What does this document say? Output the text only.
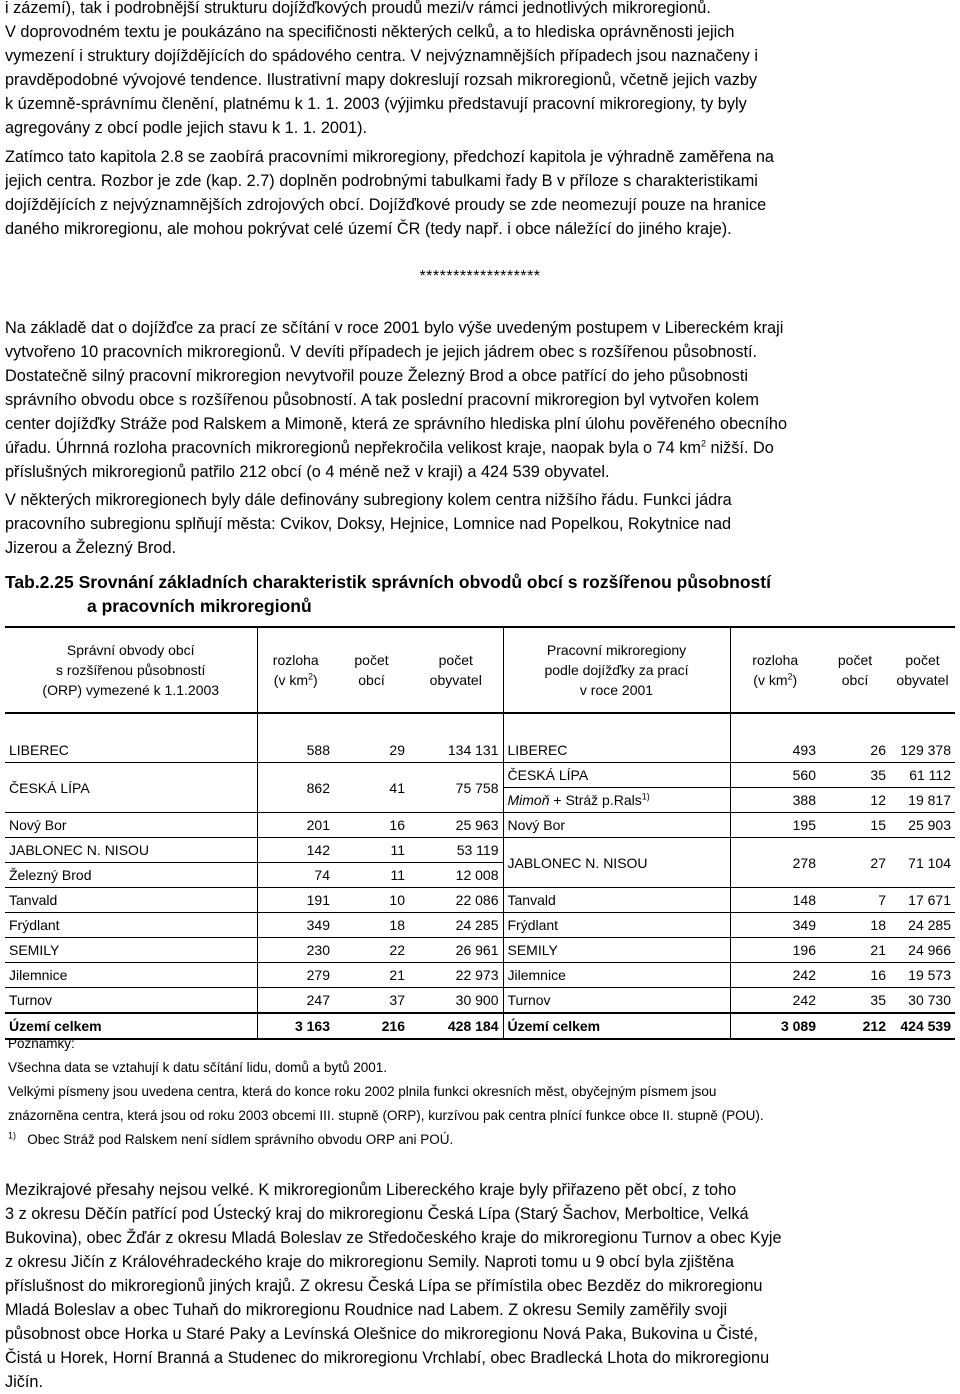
i zázemí), tak i podrobnější strukturu dojížďkových proudů mezi/v rámci jednotlivých mikroregionů.
V doprovodném textu je poukázáno na specifičnosti některých celků, a to hlediska oprávněnosti jejich
vymezení i struktury dojíždějících do spádového centra. V nejvýznamnějších případech jsou naznačeny i
pravděpodobné vývojové tendence. Ilustrativní mapy dokreslují rozsah mikroregionů, včetně jejich vazby
k územně-správnímu členění, platnému k 1. 1. 2003 (výjimku představují pracovní mikroregiony, ty byly
agregovány z obcí podle jejich stavu k 1. 1. 2001).
Zatímco tato kapitola 2.8 se zaobírá pracovními mikroregiony, předchozí kapitola je výhradně zaměřena na
jejich centra. Rozbor je zde (kap. 2.7) doplněn podrobnými tabulkami řady B v příloze s charakteristikami
dojíždějících z nejvýznamnějších zdrojových obcí. Dojížďkové proudy se zde neomezují pouze na hranice
daného mikroregionu, ale mohou pokrývat celé území ČR (tedy např. i obce náležící do jiného kraje).
******************
Na základě dat o dojížďce za prací ze sčítání v roce 2001 bylo výše uvedeným postupem v Libereckém kraji
vytvořeno 10 pracovních mikroregionů. V devíti případech je jejich jádrem obec s rozšířenou působností.
Dostatečně silný pracovní mikroregion nevytvořil pouze Železný Brod a obce patřící do jeho působnosti
správního obvodu obce s rozšířenou působností. A tak poslední pracovní mikroregion byl vytvořen kolem
center dojížďky Stráže pod Ralskem a Mimoně, která ze správního hlediska plní úlohu pověřeného obecního
úřadu. Úhrnná rozloha pracovních mikroregionů nepřekročila velikost kraje, naopak byla o 74 $km^2$ nižší. Do
příslušných mikroregionů patřilo 212 obcí (o 4 méně než v kraji) a 424 539 obyvatel.
V některých mikroregionech byly dále definovány subregiony kolem centra nižšího řádu. Funkci jádra
pracovního subregionu splňují města: Cvikov, Doksy, Hejnice, Lomnice nad Popelkou, Rokytnice nad
Jizerou a Železný Brod.
Tab.2.25 Srovnání základních charakteristik správních obvodů obcí s rozšířenou působností
a pracovních mikroregionů
Správní obvody obcí
s rozšířenou působností
(ORP) vymezené k 1.1.2003	rozloha
(v $km^2$)	počet
obcí	počet
obyvatel	Pracovní mikroregiony
podle dojížďky za prací
v roce 2001	rozloha
(v $km^2$)	počet
obcí	počet
obyvatel

LIBEREC	588	29	134 131	LIBEREC	493	26	129 378
ČESKÁ LÍPA	862	41	75 758	ČESKÁ LÍPA	560	35	61 112
				Mimoň + Stráž p.Rals$^{1)}$	388	12	19 817
Nový Bor	201	16	25 963	Nový Bor	195	15	25 903
JABLONEC N. NISOU	142	11	53 119	JABLONEC N. NISOU	278	27	71 104
Železný Brod	74	11	12 008				
Tanvald	191	10	22 086	Tanvald	148	7	17 671
Frýdlant	349	18	24 285	Frýdlant	349	18	24 285
SEMILY	230	22	26 961	SEMILY	196	21	24 966
Jilemnice	279	21	22 973	Jilemnice	242	16	19 573
Turnov	247	37	30 900	Turnov	242	35	30 730
Území celkem	3 163	216	428 184	Území celkem	3 089	212	424 539
Poznámky:
Všechna data se vztahují k datu sčítání lidu, domů a bytů 2001.
Velkými písmeny jsou uvedena centra, která do konce roku 2002 plnila funkci okresních měst, obyčejným písmem jsou
znázorněna centra, která jsou od roku 2003 obcemi III. stupně (ORP), kurzívou pak centra plnící funkce obce II. stupně (POU).
$^{1)}$ Obec Stráž pod Ralskem není sídlem správního obvodu ORP ani POÚ.
Mezikrajové přesahy nejsou velké. K mikroregionům Libereckého kraje byly přiřazeno pět obcí, z toho
3 z okresu Děčín patřící pod Ústecký kraj do mikroregionu Česká Lípa (Starý Šachov, Merboltice, Velká
Bukovina), obec Žďár z okresu Mladá Boleslav ze Středočeského kraje do mikroregionu Turnov a obec Kyje
z okresu Jičín z Královéhradeckého kraje do mikroregionu Semily. Naproti tomu u 9 obcí byla zjištěna
příslušnost do mikroregionů jiných krajů. Z okresu Česká Lípa se přímístila obec Bezděz do mikroregionu
Mladá Boleslav a obec Tuhaň do mikroregionu Roudnice nad Labem. Z okresu Semily zaměřily svoji
působnost obce Horka u Staré Paky a Levínská Olešnice do mikroregionu Nová Paka, Bukovina u Čisté,
Čistá u Horek, Horní Branná a Studenec do mikroregionu Vrchlabí, obec Bradlecká Lhota do mikroregionu
Jičín.
